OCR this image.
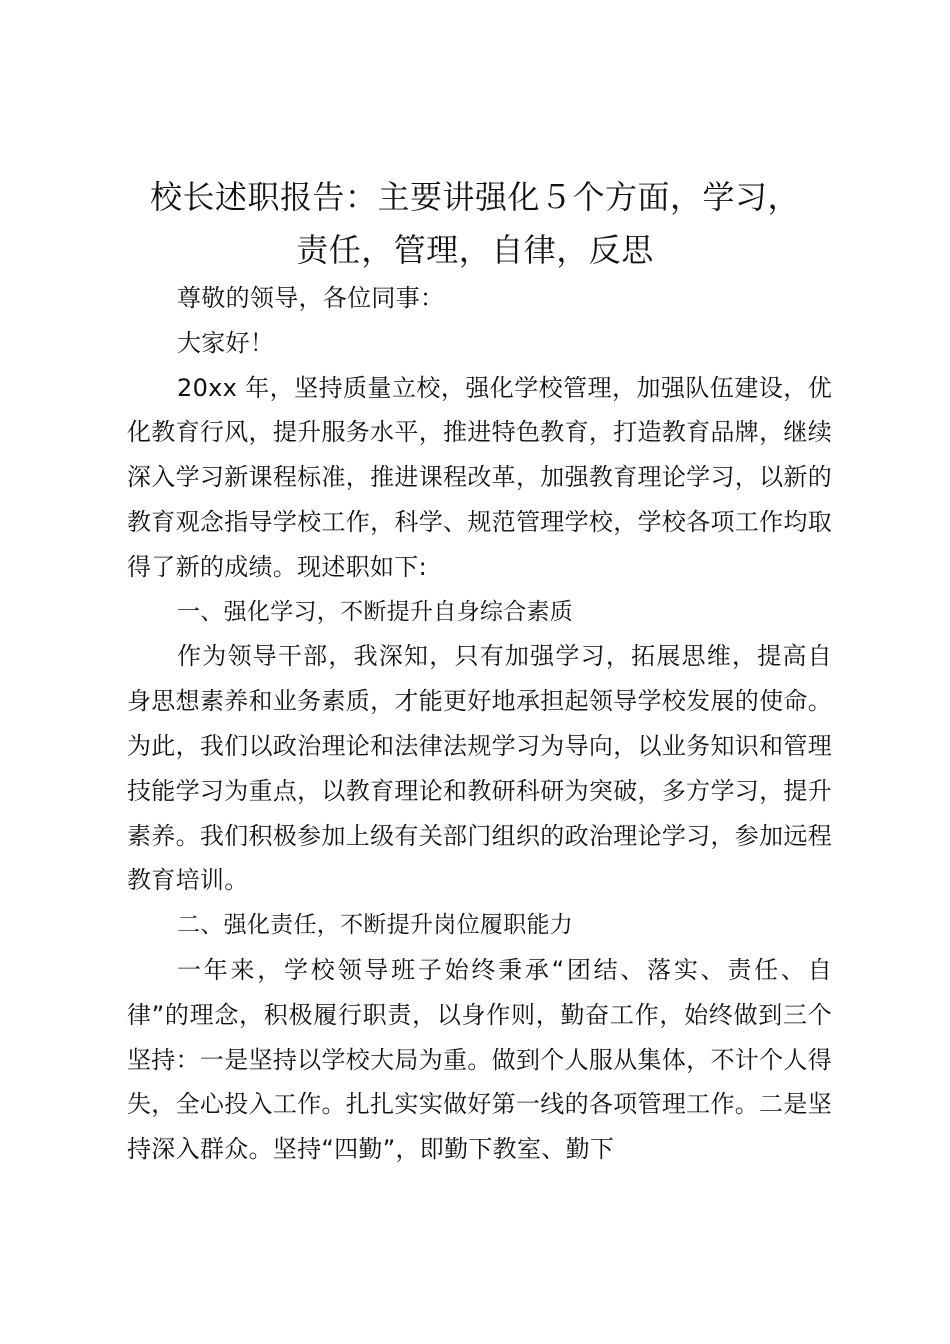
校长述职报告：主要讲强化５个方面，学习，
责任，管理，自律，反思

尊敬的领导，各位同事：

大家好！

20xx 年，坚持质量立校，强化学校管理，加强队伍建设，优化教育行风，提升服务水平，推进特色教育，打造教育品牌，继续深入学习新课程标准，推进课程改革，加强教育理论学习，以新的教育观念指导学校工作，科学、规范管理学校，学校各项工作均取得了新的成绩。现述职如下:

一、强化学习，不断提升自身综合素质

作为领导干部，我深知，只有加强学习，拓展思维，提高自身思想素养和业务素质，才能更好地承担起领导学校发展的使命。为此，我们以政治理论和法律法规学习为导向，以业务知识和管理技能学习为重点，以教育理论和教研科研为突破，多方学习，提升素养。我们积极参加上级有关部门组织的政治理论学习，参加远程教育培训。

二、强化责任，不断提升岗位履职能力

一年来，学校领导班子始终秉承“团结、落实、责任、自律”的理念，积极履行职责，以身作则，勤奋工作，始终做到三个坚持：一是坚持以学校大局为重。做到个人服从集体，不计个人得失，全心投入工作。扎扎实实做好第一线的各项管理工作。二是坚持深入群众。坚持“四勤”，即勤下教室、勤下
